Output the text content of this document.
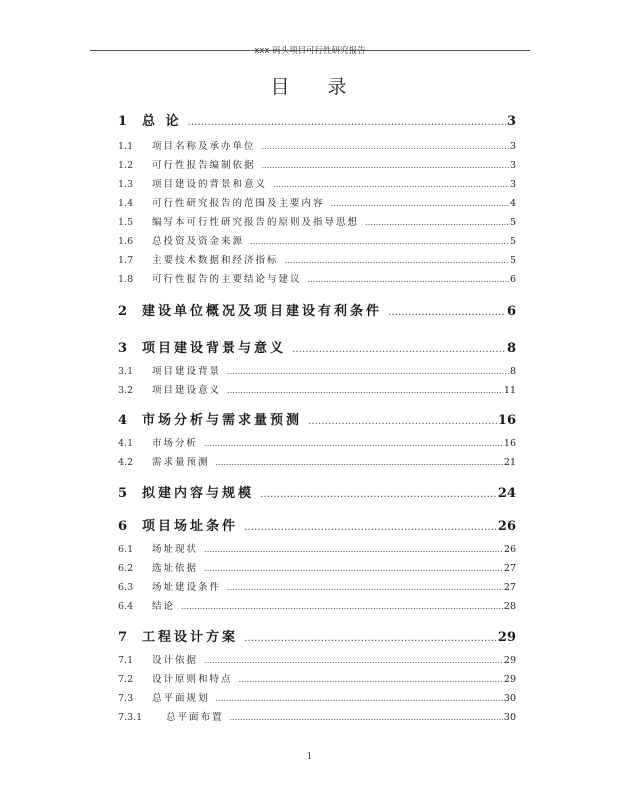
xxx 码头项目可行性研究报告
目 录
1	总 论 ……………………………………………………………………………………………………………………………………………………………………	3
1.1	项目名称及承办单位 ……………………………………………………………………………………………………………………………………………………………………	3
1.2	可行性报告编制依据 ……………………………………………………………………………………………………………………………………………………………………	3
1.3	项目建设的背景和意义 ……………………………………………………………………………………………………………………………………………………………………	3
1.4	可行性研究报告的范围及主要内容 ……………………………………………………………………………………………………………………………………………………………………	4
1.5	编写本可行性研究报告的原则及指导思想 ……………………………………………………………………………………………………………………………………………………………………	5
1.6	总投资及资金来源 ……………………………………………………………………………………………………………………………………………………………………	5
1.7	主要技术数据和经济指标 ……………………………………………………………………………………………………………………………………………………………………	5
1.8	可行性报告的主要结论与建议 ……………………………………………………………………………………………………………………………………………………………………	6
2	建设单位概况及项目建设有利条件 ……………………………………………………………………………………………………………………………………………………………………	6
3	项目建设背景与意义 ……………………………………………………………………………………………………………………………………………………………………	8
3.1	项目建设背景 ……………………………………………………………………………………………………………………………………………………………………	8
3.2	项目建设意义 ……………………………………………………………………………………………………………………………………………………………………	11
4	市场分析与需求量预测 ……………………………………………………………………………………………………………………………………………………………………	16
4.1	市场分析 ……………………………………………………………………………………………………………………………………………………………………	16
4.2	需求量预测 ……………………………………………………………………………………………………………………………………………………………………	21
5	拟建内容与规模 ……………………………………………………………………………………………………………………………………………………………………	24
6	项目场址条件 ……………………………………………………………………………………………………………………………………………………………………	26
6.1	场址现状 ……………………………………………………………………………………………………………………………………………………………………	26
6.2	选址依据 ……………………………………………………………………………………………………………………………………………………………………	27
6.3	场址建设条件 ……………………………………………………………………………………………………………………………………………………………………	27
6.4	结论 ……………………………………………………………………………………………………………………………………………………………………	28
7	工程设计方案 ……………………………………………………………………………………………………………………………………………………………………	29
7.1	设计依据 ……………………………………………………………………………………………………………………………………………………………………	29
7.2	设计原则和特点 ……………………………………………………………………………………………………………………………………………………………………	29
7.3	总平面规划 ……………………………………………………………………………………………………………………………………………………………………	30
7.3.1	总平面布置 ……………………………………………………………………………………………………………………………………………………………………	30
1
